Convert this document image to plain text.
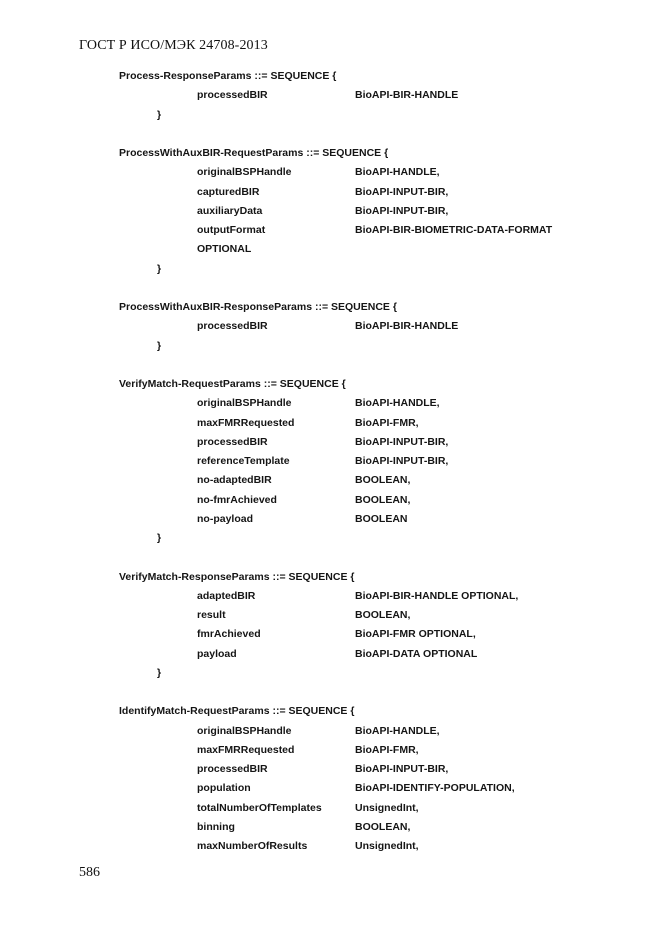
ГОСТ Р ИСО/МЭК 24708-2013
Process-ResponseParams ::= SEQUENCE {
processedBIR	BioAPI-BIR-HANDLE
}
ProcessWithAuxBIR-RequestParams ::= SEQUENCE {
originalBSPHandle	BioAPI-HANDLE,
capturedBIR	BioAPI-INPUT-BIR,
auxiliaryData	BioAPI-INPUT-BIR,
outputFormat	BioAPI-BIR-BIOMETRIC-DATA-FORMAT
OPTIONAL
}
ProcessWithAuxBIR-ResponseParams ::= SEQUENCE {
processedBIR	BioAPI-BIR-HANDLE
}
VerifyMatch-RequestParams ::= SEQUENCE {
originalBSPHandle	BioAPI-HANDLE,
maxFMRRequested	BioAPI-FMR,
processedBIR	BioAPI-INPUT-BIR,
referenceTemplate	BioAPI-INPUT-BIR,
no-adaptedBIR	BOOLEAN,
no-fmrAchieved	BOOLEAN,
no-payload	BOOLEAN
}
VerifyMatch-ResponseParams ::= SEQUENCE {
adaptedBIR	BioAPI-BIR-HANDLE OPTIONAL,
result	BOOLEAN,
fmrAchieved	BioAPI-FMR OPTIONAL,
payload	BioAPI-DATA OPTIONAL
}
IdentifyMatch-RequestParams ::= SEQUENCE {
originalBSPHandle	BioAPI-HANDLE,
maxFMRRequested	BioAPI-FMR,
processedBIR	BioAPI-INPUT-BIR,
population	BioAPI-IDENTIFY-POPULATION,
totalNumberOfTemplates	UnsignedInt,
binning	BOOLEAN,
maxNumberOfResults	UnsignedInt,
586
